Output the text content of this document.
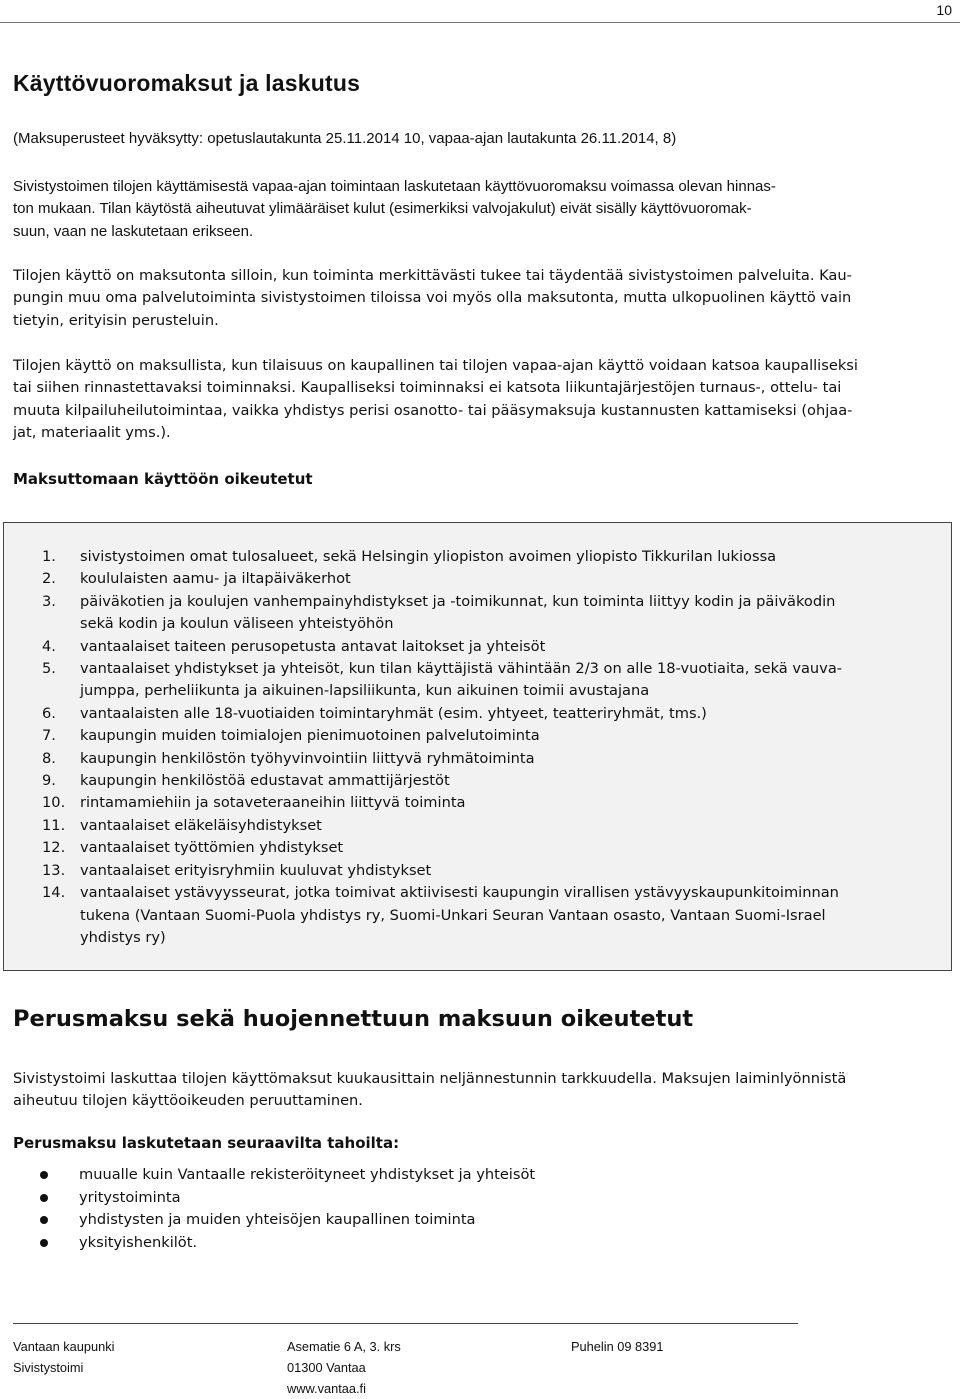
10
Käyttövuoromaksut ja laskutus

(Maksuperusteet hyväksytty: opetuslautakunta 25.11.2014 10, vapaa-ajan lautakunta 26.11.2014, 8)

Sivistystoimen tilojen käyttämisestä vapaa-ajan toimintaan laskutetaan käyttövuoromaksu voimassa olevan hinnas-
ton mukaan. Tilan käytöstä aiheutuvat ylimääräiset kulut (esimerkiksi valvojakulut) eivät sisälly käyttövuoromak-
suun, vaan ne laskutetaan erikseen.

Tilojen käyttö on maksutonta silloin, kun toiminta merkittävästi tukee tai täydentää sivistystoimen palveluita. Kau-
pungin muu oma palvelutoiminta sivistystoimen tiloissa voi myös olla maksutonta, mutta ulkopuolinen käyttö vain
tietyin, erityisin perusteluin.

Tilojen käyttö on maksullista, kun tilaisuus on kaupallinen tai tilojen vapaa-ajan käyttö voidaan katsoa kaupalliseksi
tai siihen rinnastettavaksi toiminnaksi. Kaupalliseksi toiminnaksi ei katsota liikuntajärjestöjen turnaus-, ottelu- tai
muuta kilpailuheilutoimintaa, vaikka yhdistys perisi osanotto- tai pääsymaksuja kustannusten kattamiseksi (ohjaa-
jat, materiaalit yms.).

Maksuttomaan käyttöön oikeutetut
1.	sivistystoimen omat tulosalueet, sekä Helsingin yliopiston avoimen yliopisto Tikkurilan lukiossa
2.	koululaisten aamu- ja iltapäiväkerhot
3.	päiväkotien ja koulujen vanhempainyhdistykset ja -toimikunnat, kun toiminta liittyy kodin ja päiväkodin
sekä kodin ja koulun väliseen yhteistyöhön
4.	vantaalaiset taiteen perusopetusta antavat laitokset ja yhteisöt
5.	vantaalaiset yhdistykset ja yhteisöt, kun tilan käyttäjistä vähintään 2/3 on alle 18-vuotiaita, sekä vauva-
jumppa, perheliikunta ja aikuinen-lapsiliikunta, kun aikuinen toimii avustajana
6.	vantaalaisten alle 18-vuotiaiden toimintaryhmät (esim. yhtyeet, teatteriryhmät, tms.)
7.	kaupungin muiden toimialojen pienimuotoinen palvelutoiminta
8.	kaupungin henkilöstön työhyvinvointiin liittyvä ryhmätoiminta
9.	kaupungin henkilöstöä edustavat ammattijärjestöt
10.	rintamamiehiin ja sotaveteraaneihin liittyvä toiminta
11.	vantaalaiset eläkeläisyhdistykset
12.	vantaalaiset työttömien yhdistykset
13.	vantaalaiset erityisryhmiin kuuluvat yhdistykset
14.	vantaalaiset ystävyysseurat, jotka toimivat aktiivisesti kaupungin virallisen ystävyyskaupunkitoiminnan
tukena (Vantaan Suomi-Puola yhdistys ry, Suomi-Unkari Seuran Vantaan osasto, Vantaan Suomi-Israel
yhdistys ry)
Perusmaksu sekä huojennettuun maksuun oikeutetut

Sivistystoimi laskuttaa tilojen käyttömaksut kuukausittain neljännestunnin tarkkuudella. Maksujen laiminlyönnistä
aiheutuu tilojen käyttöoikeuden peruuttaminen.

Perusmaksu laskutetaan seuraavilta tahoilta:
muualle kuin Vantaalle rekisteröityneet yhdistykset ja yhteisöt
yritystoiminta
yhdistysten ja muiden yhteisöjen kaupallinen toiminta
yksityishenkilöt.
Vantaan kaupunki
Sivistystoimi
Asematie 6 A, 3. krs
01300 Vantaa
www.vantaa.fi
Puhelin 09 8391
